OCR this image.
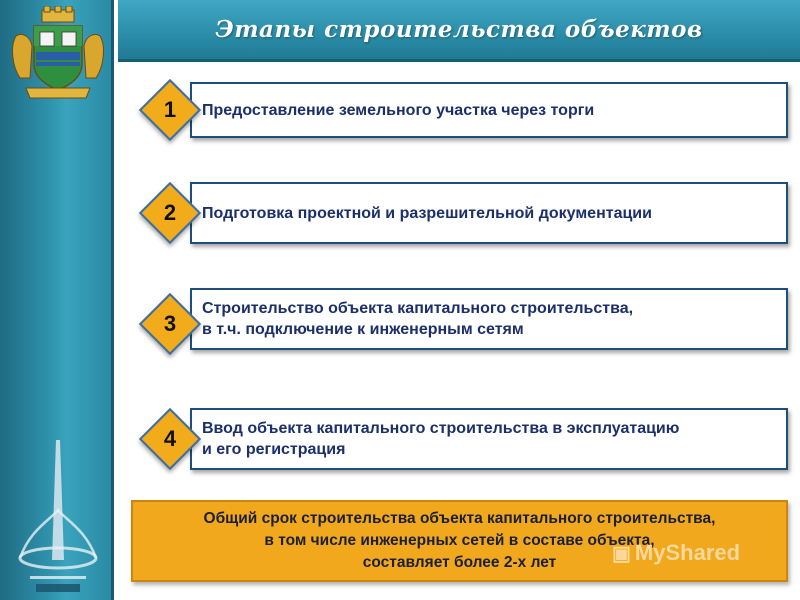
Этапы строительства объектов
Предоставление земельного участка через торги
1
Подготовка проектной и разрешительной документации
2
Строительство объекта капитального строительства,
в т.ч. подключение к инженерным сетям
3
Ввод объекта капитального строительства в эксплуатацию
и его регистрация
4
Общий срок строительства объекта капитального строительства,
в том числе инженерных сетей в составе объекта,
составляет более 2-х лет	▣ MyShared
